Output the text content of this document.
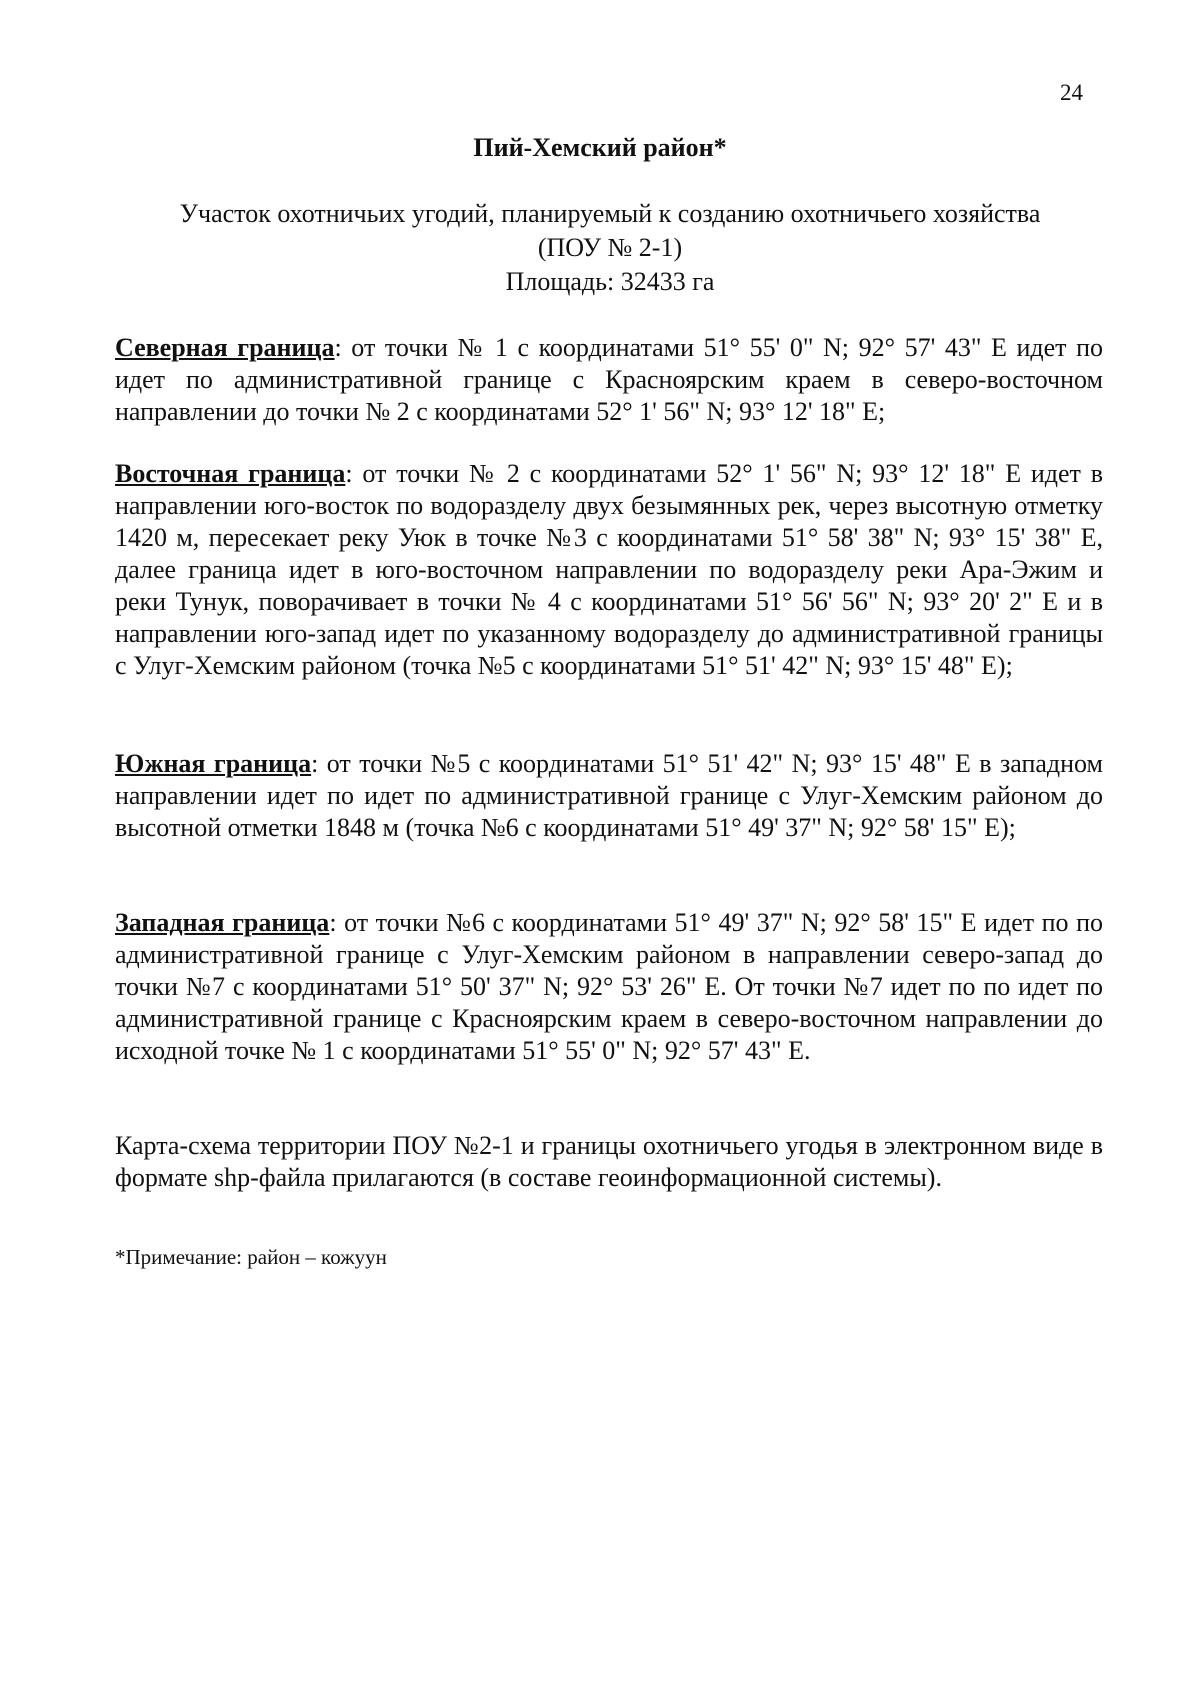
24
Пий-Хемский район*
Участок охотничьих угодий, планируемый к созданию охотничьего хозяйства
(ПОУ № 2-1)
Площадь: 32433 га
Северная граница: от точки № 1 с координатами 51° 55' 0" N; 92° 57' 43" E идет по идет по административной границе с Красноярским краем в северо-восточном направлении до точки № 2 с координатами 52° 1' 56" N; 93° 12' 18" E;
Восточная граница: от точки № 2 с координатами 52° 1' 56" N; 93° 12' 18" E идет в направлении юго-восток по водоразделу двух безымянных рек, через высотную отметку 1420 м, пересекает реку Уюк в точке №3 с координатами 51° 58' 38" N; 93° 15' 38" E, далее граница идет в юго-восточном направлении по водоразделу реки Ара-Эжим и реки Тунук, поворачивает в точки № 4 с координатами 51° 56' 56" N; 93° 20' 2" E и в направлении юго-запад идет по указанному водоразделу до административной границы с Улуг-Хемским районом (точка №5 с координатами 51° 51' 42" N; 93° 15' 48" E);
Южная граница: от точки №5 с координатами 51° 51' 42" N; 93° 15' 48" E в западном направлении идет по идет по административной границе с Улуг-Хемским районом до высотной отметки 1848 м (точка №6 с координатами 51° 49' 37" N; 92° 58' 15" E);
Западная граница: от точки №6 с координатами 51° 49' 37" N; 92° 58' 15" E идет по по административной границе с Улуг-Хемским районом в направлении северо-запад до точки №7 с координатами 51° 50' 37" N; 92° 53' 26" E. От точки №7 идет по по идет по административной границе с Красноярским краем в северо-восточном направлении до исходной точке № 1 с координатами 51° 55' 0" N; 92° 57' 43" E.
Карта-схема территории ПОУ №2-1 и границы охотничьего угодья в электронном виде в формате shp-файла прилагаются (в составе геоинформационной системы).
*Примечание: район – кожуун
